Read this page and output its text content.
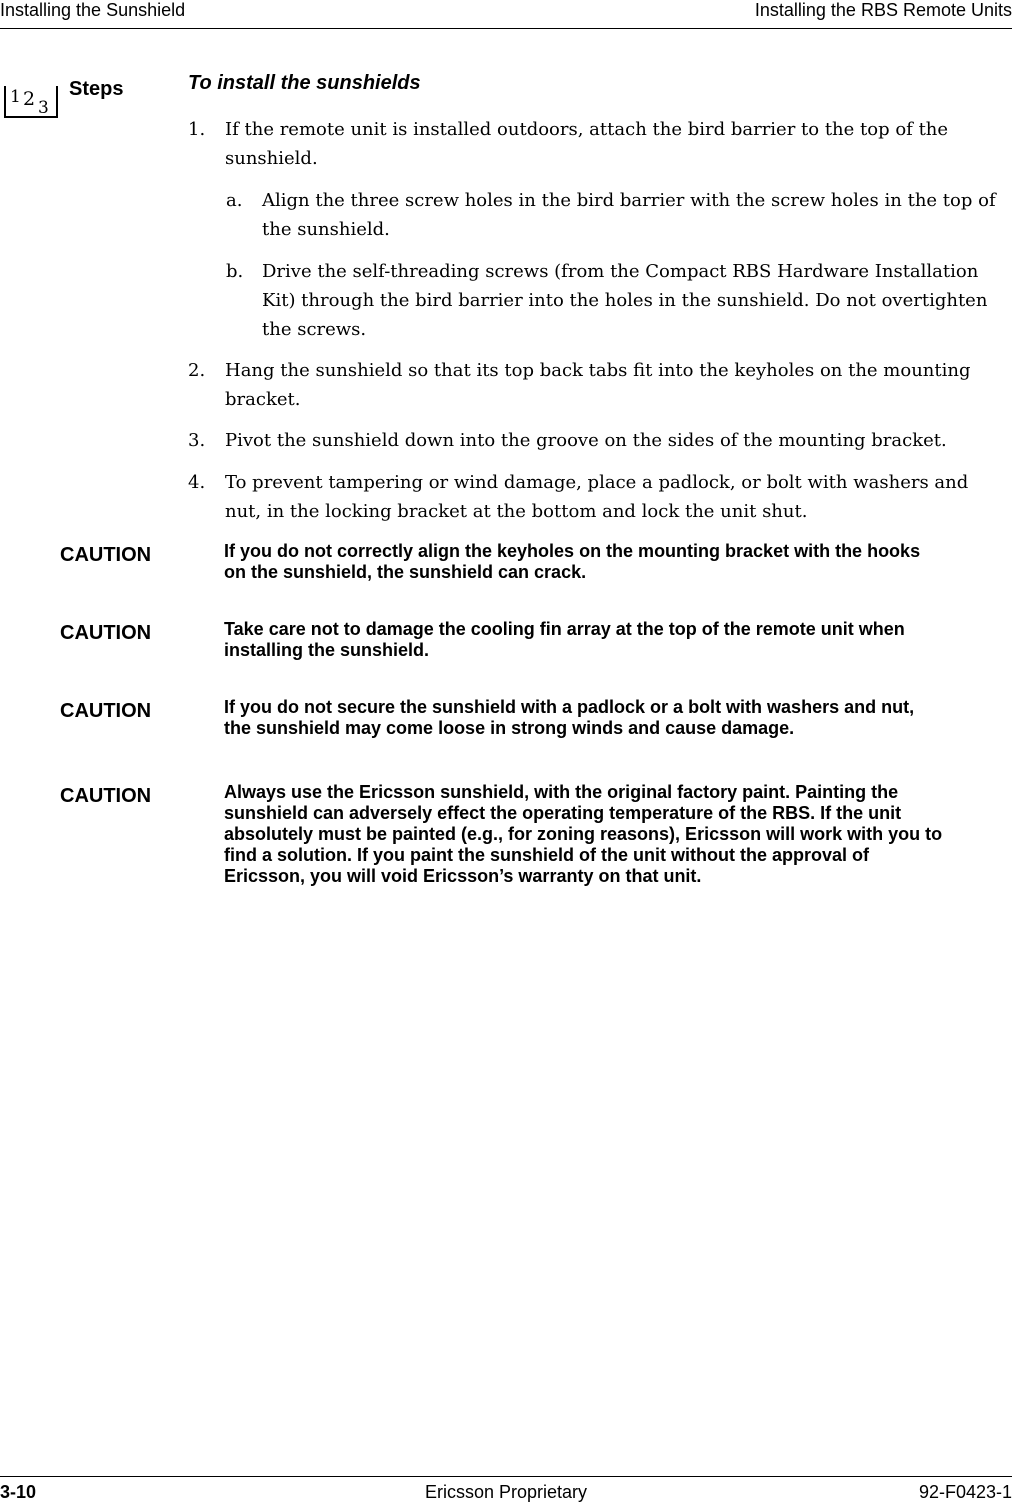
Installing the Sunshield	Installing the RBS Remote Units
1 2 3
Steps	To install the sunshields
1. If the remote unit is installed outdoors, attach the bird barrier to the top of the sunshield.
a. Align the three screw holes in the bird barrier with the screw holes in the top of the sunshield.
b. Drive the self-threading screws (from the Compact RBS Hardware Installation Kit) through the bird barrier into the holes in the sunshield. Do not overtighten the screws.
2. Hang the sunshield so that its top back tabs fit into the keyholes on the mounting bracket.
3. Pivot the sunshield down into the groove on the sides of the mounting bracket.
4. To prevent tampering or wind damage, place a padlock, or bolt with washers and nut, in the locking bracket at the bottom and lock the unit shut.
CAUTION	If you do not correctly align the keyholes on the mounting bracket with the hooks on the sunshield, the sunshield can crack.
CAUTION	Take care not to damage the cooling fin array at the top of the remote unit when installing the sunshield.
CAUTION	If you do not secure the sunshield with a padlock or a bolt with washers and nut, the sunshield may come loose in strong winds and cause damage.
CAUTION	Always use the Ericsson sunshield, with the original factory paint. Painting the sunshield can adversely effect the operating temperature of the RBS. If the unit absolutely must be painted (e.g., for zoning reasons), Ericsson will work with you to find a solution. If you paint the sunshield of the unit without the approval of Ericsson, you will void Ericsson’s warranty on that unit.
3-10	Ericsson Proprietary	92-F0423-1
